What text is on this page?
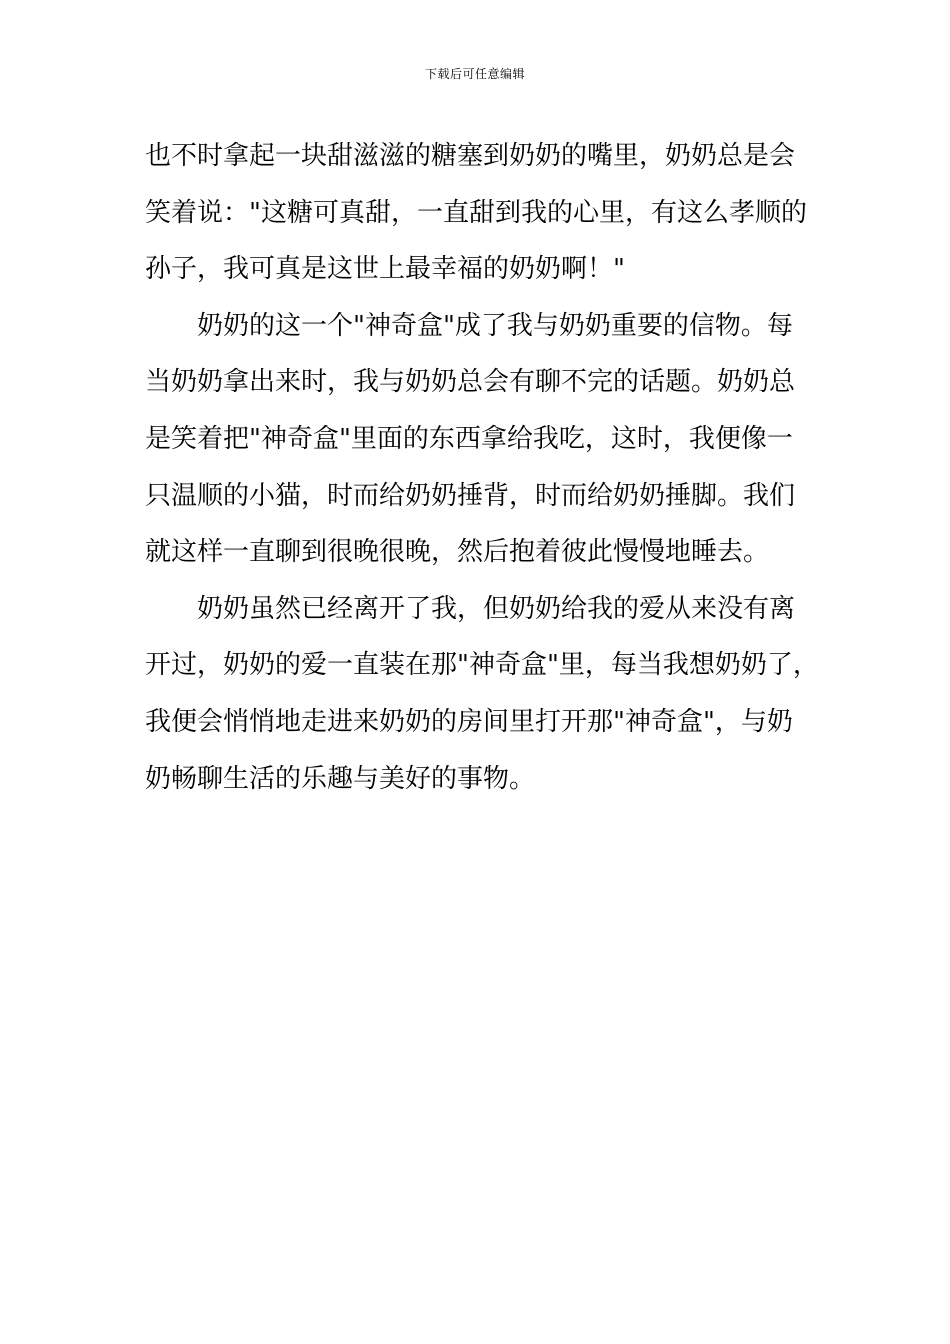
下载后可任意编辑
也不时拿起一块甜滋滋的糖塞到奶奶的嘴里，奶奶总是会
笑着说："这糖可真甜，一直甜到我的心里，有这么孝顺的
孙子，我可真是这世上最幸福的奶奶啊！"
奶奶的这一个"神奇盒"成了我与奶奶重要的信物。每
当奶奶拿出来时，我与奶奶总会有聊不完的话题。奶奶总
是笑着把"神奇盒"里面的东西拿给我吃，这时，我便像一
只温顺的小猫，时而给奶奶捶背，时而给奶奶捶脚。我们
就这样一直聊到很晚很晚，然后抱着彼此慢慢地睡去。
奶奶虽然已经离开了我，但奶奶给我的爱从来没有离
开过，奶奶的爱一直装在那"神奇盒"里，每当我想奶奶了，
我便会悄悄地走进来奶奶的房间里打开那"神奇盒"，与奶
奶畅聊生活的乐趣与美好的事物。
